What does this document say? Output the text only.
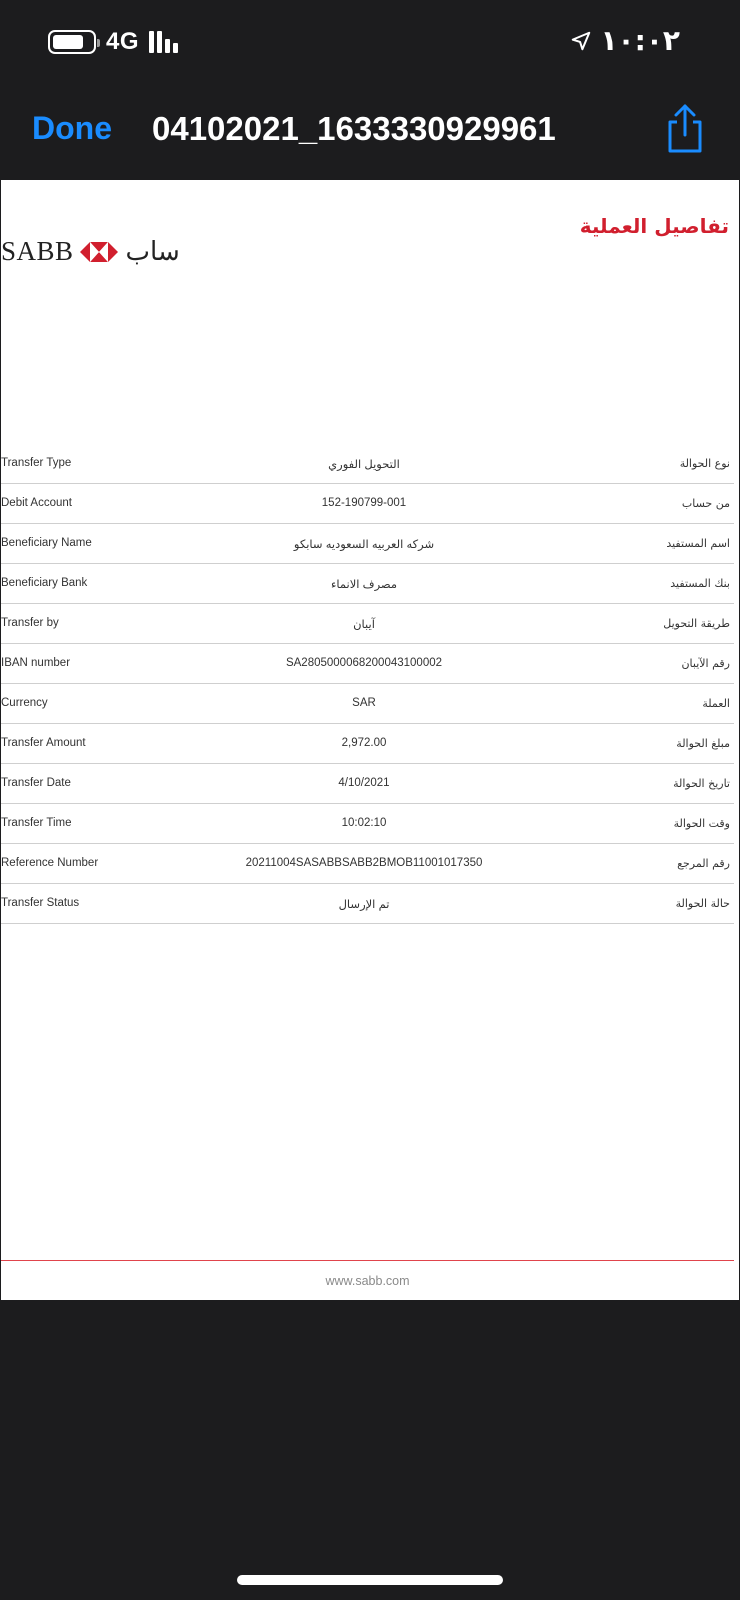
4G	١٠:٠٢
Done 04102021_1633330929961
تفاصيل العملية
SABB ساب
Transfer Type	التحويل الفوري	نوع الحوالة
Debit Account	152-190799-001	من حساب
Beneficiary Name	شركه العربيه السعوديه سابكو	اسم المستفيد
Beneficiary Bank	مصرف الانماء	بنك المستفيد
Transfer by	آيبان	طريقة التحويل
IBAN number	SA2805000068200043100002	رقم الآيبان
Currency	SAR	العملة
Transfer Amount	2,972.00	مبلغ الحوالة
Transfer Date	4/10/2021	تاريخ الحوالة
Transfer Time	10:02:10	وقت الحوالة
Reference Number	20211004SASABBSABB2BMOB11001017350	رقم المرجع
Transfer Status	تم الإرسال	حالة الحوالة
www.sabb.com
